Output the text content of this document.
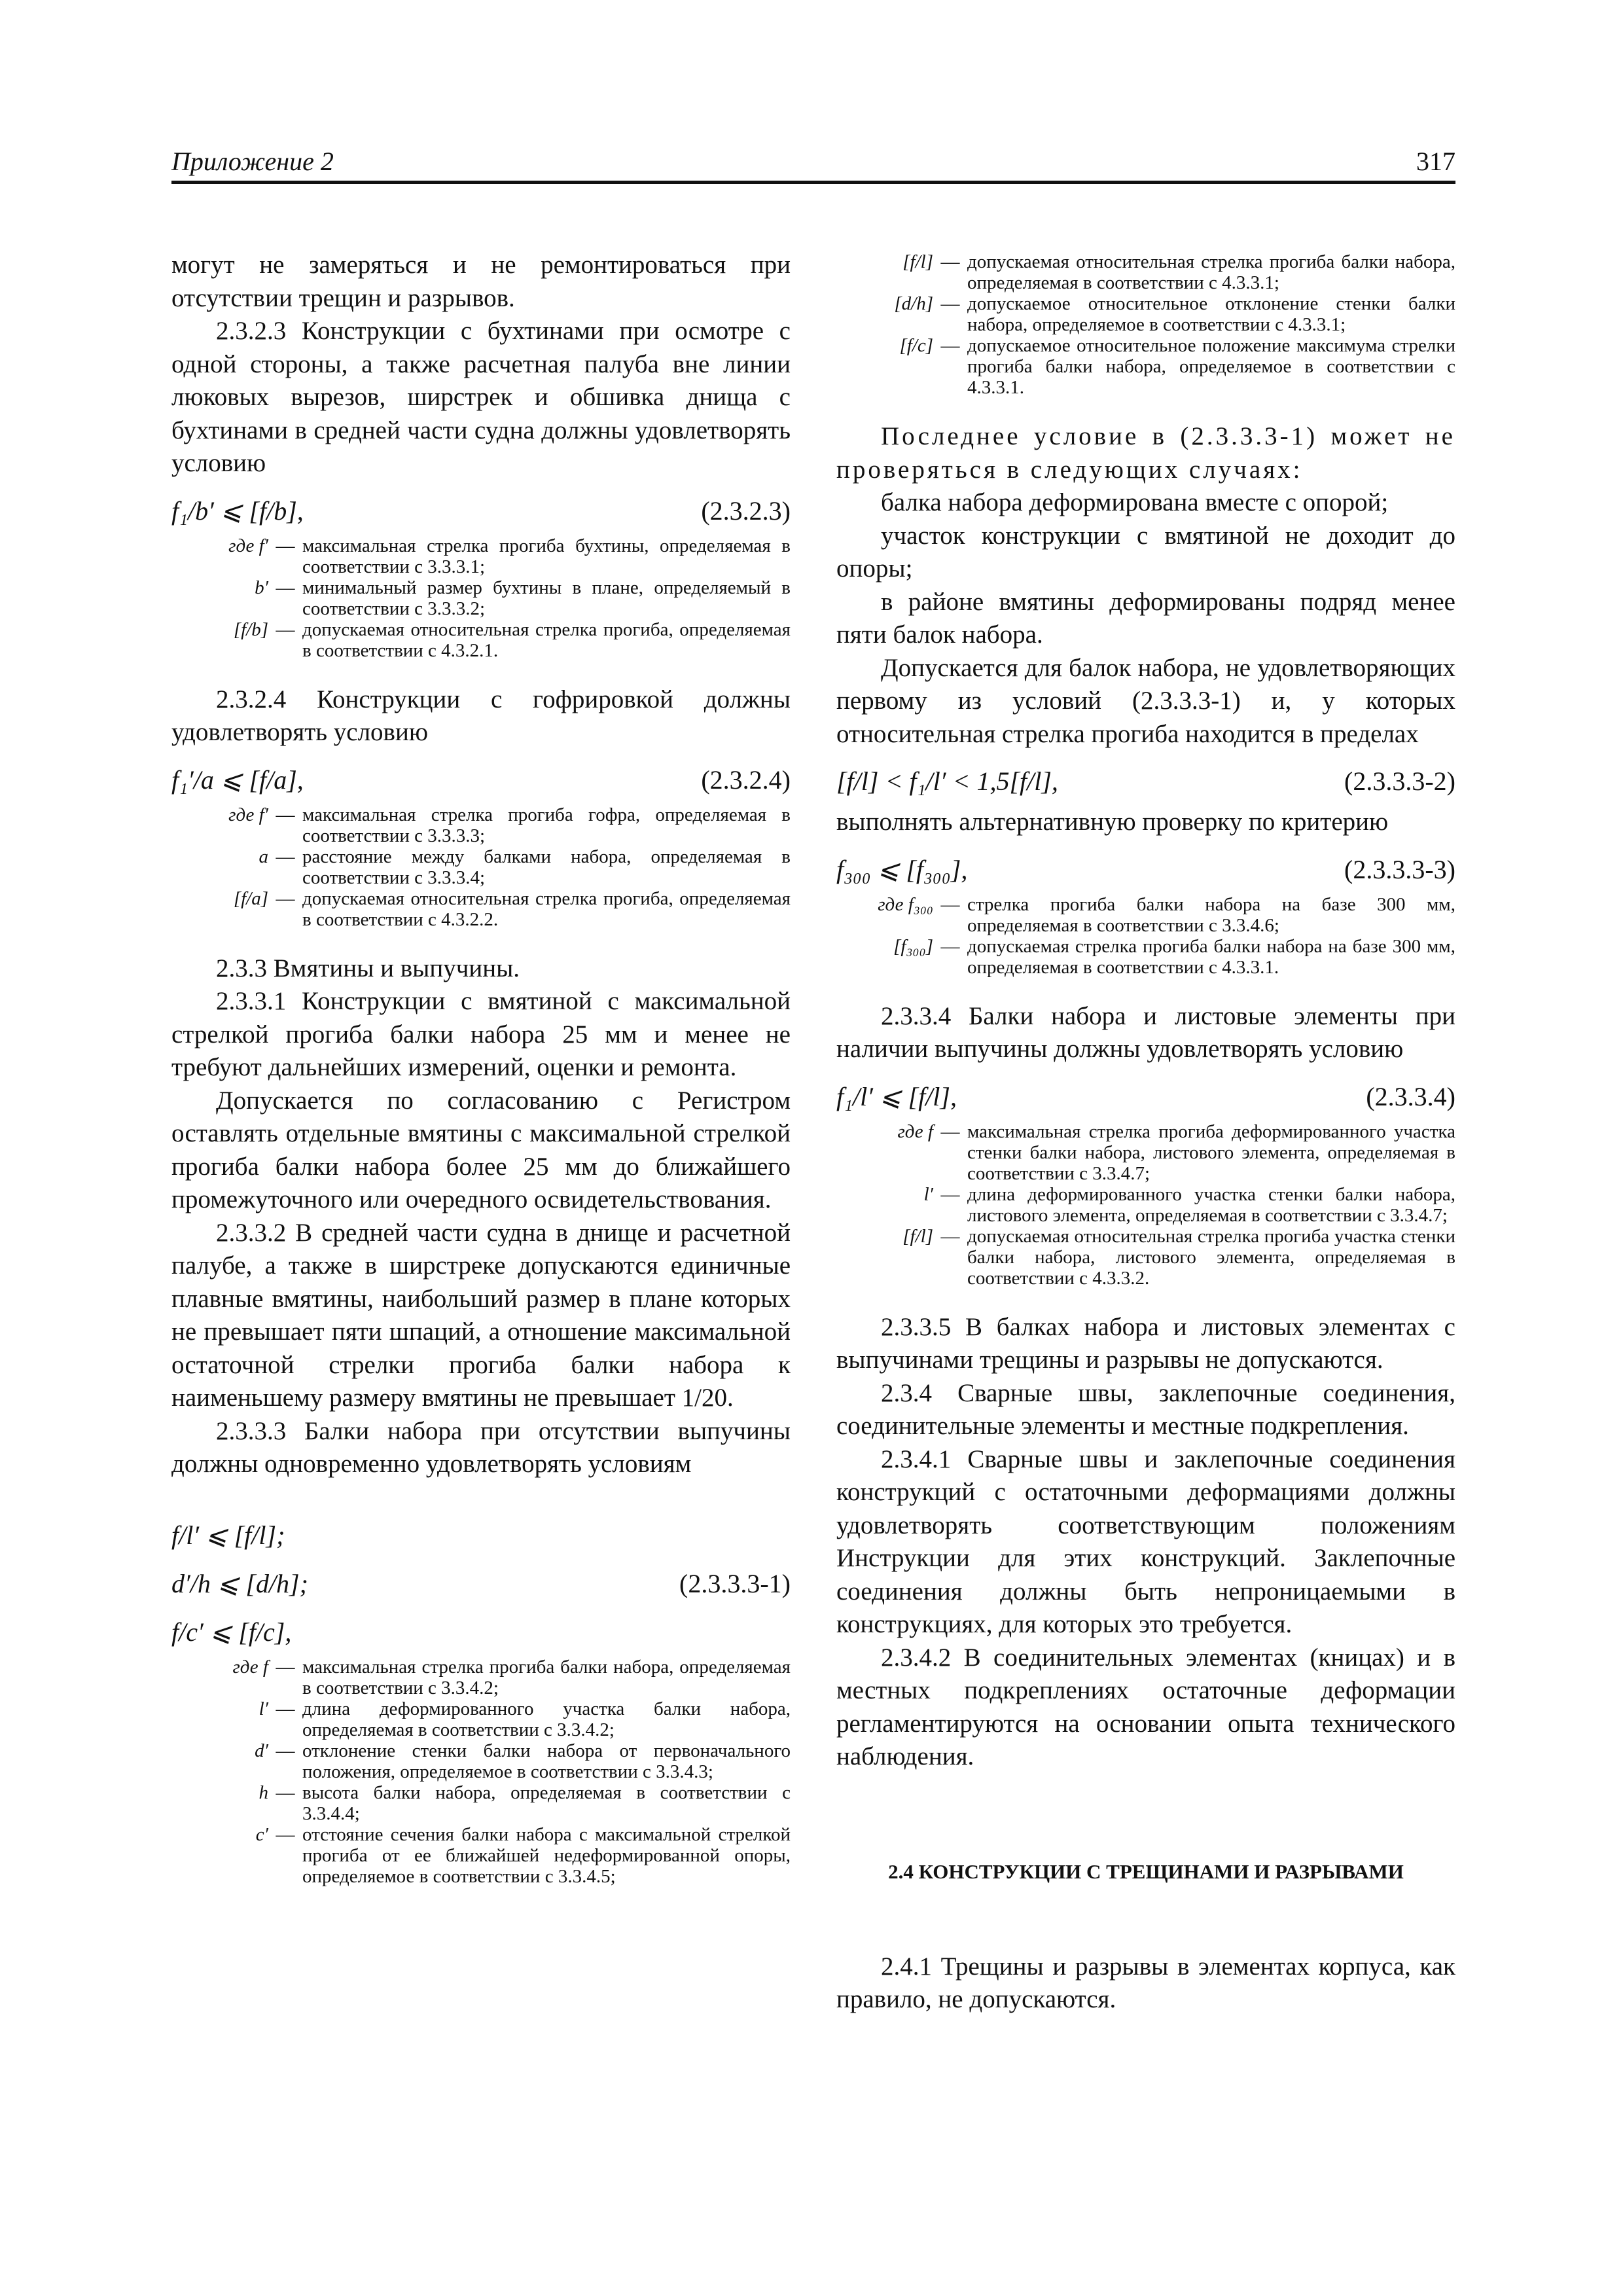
Приложение 2	317

могут не замеряться и не ремонтироваться при отсутствии трещин и разрывов.

2.3.2.3 Конструкции с бухтинами при осмотре с одной стороны, а также расчетная палуба вне линии люковых вырезов, ширстрек и обшивка днища с бухтинами в средней части судна должны удовлетворять условию

f₁/b′ ⩽ [f/b],	(2.3.2.3)
где f′ — максимальная стрелка прогиба бухтины, определяемая в соответствии с 3.3.3.1;
b′ — минимальный размер бухтины в плане, определяемый в соответствии с 3.3.3.2;
[f/b] — допускаемая относительная стрелка прогиба, определяемая в соответствии с 4.3.2.1.

2.3.2.4 Конструкции с гофрировкой должны удовлетворять условию

f₁′/a ⩽ [f/a],	(2.3.2.4)
где f′ — максимальная стрелка прогиба гофра, определяемая в соответствии с 3.3.3.3;
a — расстояние между балками набора, определяемая в соответствии с 3.3.3.4;
[f/a] — допускаемая относительная стрелка прогиба, определяемая в соответствии с 4.3.2.2.

2.3.3 Вмятины и выпучины.

2.3.3.1 Конструкции с вмятиной с максимальной стрелкой прогиба балки набора 25 мм и менее не требуют дальнейших измерений, оценки и ремонта.

Допускается по согласованию с Регистром оставлять отдельные вмятины с максимальной стрелкой прогиба балки набора более 25 мм до ближайшего промежуточного или очередного освидетельствования.

2.3.3.2 В средней части судна в днище и расчетной палубе, а также в ширстреке допускаются единичные плавные вмятины, наибольший размер в плане которых не превышает пяти шпаций, а отношение максимальной остаточной стрелки прогиба балки набора к наименьшему размеру вмятины не превышает 1/20.

2.3.3.3 Балки набора при отсутствии выпучины должны одновременно удовлетворять условиям

f/l′ ⩽ [f/l];
d′/h ⩽ [d/h];	(2.3.3.3-1)
f/c′ ⩽ [f/c],
где f — максимальная стрелка прогиба балки набора, определяемая в соответствии с 3.3.4.2;
l′ — длина деформированного участка балки набора, определяемая в соответствии с 3.3.4.2;
d′ — отклонение стенки балки набора от первоначального положения, определяемое в соответствии с 3.3.4.3;
h — высота балки набора, определяемая в соответствии с 3.3.4.4;
c′ — отстояние сечения балки набора с максимальной стрелкой прогиба от ее ближайшей недеформированной опоры, определяемое в соответствии с 3.3.4.5;
[f/l] — допускаемая относительная стрелка прогиба балки набора, определяемая в соответствии с 4.3.3.1;
[d/h] — допускаемое относительное отклонение стенки балки набора, определяемое в соответствии с 4.3.3.1;
[f/c] — допускаемое относительное положение максимума стрелки прогиба балки набора, определяемое в соответствии с 4.3.3.1.

Последнее условие в (2.3.3.3-1) может не проверяться в следующих случаях:

балка набора деформирована вместе с опорой;

участок конструкции с вмятиной не доходит до опоры;

в районе вмятины деформированы подряд менее пяти балок набора.

Допускается для балок набора, не удовлетворяющих первому из условий (2.3.3.3-1) и, у которых относительная стрелка прогиба находится в пределах

[f/l] < f₁/l′ < 1,5[f/l],	(2.3.3.3-2)

выполнять альтернативную проверку по критерию

f₃₀₀ ⩽ [f₃₀₀],	(2.3.3.3-3)
где f₃₀₀ — стрелка прогиба балки набора на базе 300 мм, определяемая в соответствии с 3.3.4.6;
[f₃₀₀] — допускаемая стрелка прогиба балки набора на базе 300 мм, определяемая в соответствии с 4.3.3.1.

2.3.3.4 Балки набора и листовые элементы при наличии выпучины должны удовлетворять условию

f₁/l′ ⩽ [f/l],	(2.3.3.4)
где f — максимальная стрелка прогиба деформированного участка стенки балки набора, листового элемента, определяемая в соответствии с 3.3.4.7;
l′ — длина деформированного участка стенки балки набора, листового элемента, определяемая в соответствии с 3.3.4.7;
[f/l] — допускаемая относительная стрелка прогиба участка стенки балки набора, листового элемента, определяемая в соответствии с 4.3.3.2.

2.3.3.5 В балках набора и листовых элементах с выпучинами трещины и разрывы не допускаются.

2.3.4 Сварные швы, заклепочные соединения, соединительные элементы и местные подкрепления.

2.3.4.1 Сварные швы и заклепочные соединения конструкций с остаточными деформациями должны удовлетворять соответствующим положениям Инструкции для этих конструкций. Заклепочные соединения должны быть непроницаемыми в конструкциях, для которых это требуется.

2.3.4.2 В соединительных элементах (кницах) и в местных подкреплениях остаточные деформации регламентируются на основании опыта технического наблюдения.

2.4 КОНСТРУКЦИИ С ТРЕЩИНАМИ И РАЗРЫВАМИ

2.4.1 Трещины и разрывы в элементах корпуса, как правило, не допускаются.
